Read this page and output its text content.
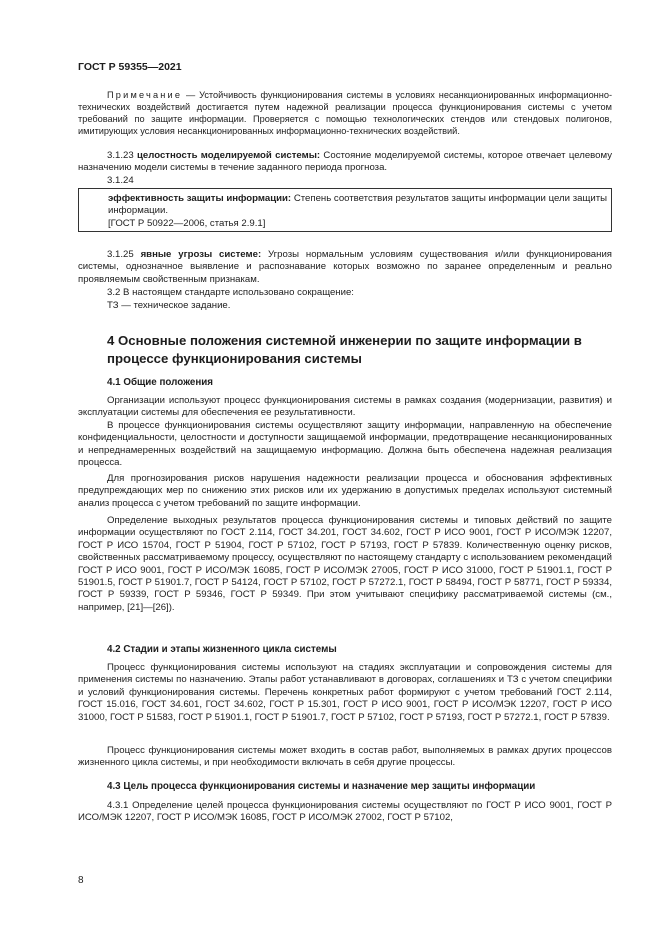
ГОСТ Р 59355—2021

Примечание — Устойчивость функционирования системы в условиях несанкционированных информационно-технических воздействий достигается путем надежной реализации процесса функционирования системы с учетом требований по защите информации. Проверяется с помощью технологических стендов или стендовых полигонов, имитирующих условия несанкционированных информационно-технических воздействий.

3.1.23 целостность моделируемой системы: Состояние моделируемой системы, которое отвечает целевому назначению модели системы в течение заданного периода прогноза.

3.1.24

эффективность защиты информации: Степень соответствия результатов защиты информации цели защиты информации.
[ГОСТ Р 50922—2006, статья 2.9.1]

3.1.25 явные угрозы системе: Угрозы нормальным условиям существования и/или функционирования системы, однозначное выявление и распознавание которых возможно по заранее определенным и реально проявляемым свойственным признакам.

3.2 В настоящем стандарте использовано сокращение:

ТЗ — техническое задание.

4 Основные положения системной инженерии по защите информации в процессе функционирования системы
4.1 Общие положения

Организации используют процесс функционирования системы в рамках создания (модернизации, развития) и эксплуатации системы для обеспечения ее результативности.

В процессе функционирования системы осуществляют защиту информации, направленную на обеспечение конфиденциальности, целостности и доступности защищаемой информации, предотвращение несанкционированных и непреднамеренных воздействий на защищаемую информацию. Должна быть обеспечена надежная реализация процесса.

Для прогнозирования рисков нарушения надежности реализации процесса и обоснования эффективных предупреждающих мер по снижению этих рисков или их удержанию в допустимых пределах используют системный анализ процесса с учетом требований по защите информации.

Определение выходных результатов процесса функционирования системы и типовых действий по защите информации осуществляют по ГОСТ 2.114, ГОСТ 34.201, ГОСТ 34.602, ГОСТ Р ИСО 9001, ГОСТ Р ИСО/МЭК 12207, ГОСТ Р ИСО 15704, ГОСТ Р 51904, ГОСТ Р 57102, ГОСТ Р 57193, ГОСТ Р 57839. Количественную оценку рисков, свойственных рассматриваемому процессу, осуществляют по настоящему стандарту с использованием рекомендаций ГОСТ Р ИСО 9001, ГОСТ Р ИСО/МЭК 16085, ГОСТ Р ИСО/МЭК 27005, ГОСТ Р ИСО 31000, ГОСТ Р 51901.1, ГОСТ Р 51901.5, ГОСТ Р 51901.7, ГОСТ Р 54124, ГОСТ Р 57102, ГОСТ Р 57272.1, ГОСТ Р 58494, ГОСТ Р 58771, ГОСТ Р 59334, ГОСТ Р 59339, ГОСТ Р 59346, ГОСТ Р 59349. При этом учитывают специфику рассматриваемой системы (см., например, [21]—[26]).

4.2 Стадии и этапы жизненного цикла системы

Процесс функционирования системы используют на стадиях эксплуатации и сопровождения системы для применения системы по назначению. Этапы работ устанавливают в договорах, соглашениях и ТЗ с учетом специфики и условий функционирования системы. Перечень конкретных работ формируют с учетом требований ГОСТ 2.114, ГОСТ 15.016, ГОСТ 34.601, ГОСТ 34.602, ГОСТ Р 15.301, ГОСТ Р ИСО 9001, ГОСТ Р ИСО/МЭК 12207, ГОСТ Р ИСО 31000, ГОСТ Р 51583, ГОСТ Р 51901.1, ГОСТ Р 51901.7, ГОСТ Р 57102, ГОСТ Р 57193, ГОСТ Р 57272.1, ГОСТ Р 57839.

Процесс функционирования системы может входить в состав работ, выполняемых в рамках других процессов жизненного цикла системы, и при необходимости включать в себя другие процессы.

4.3 Цель процесса функционирования системы и назначение мер защиты информации

4.3.1 Определение целей процесса функционирования системы осуществляют по ГОСТ Р ИСО 9001, ГОСТ Р ИСО/МЭК 12207, ГОСТ Р ИСО/МЭК 16085, ГОСТ Р ИСО/МЭК 27002, ГОСТ Р 57102,

8
